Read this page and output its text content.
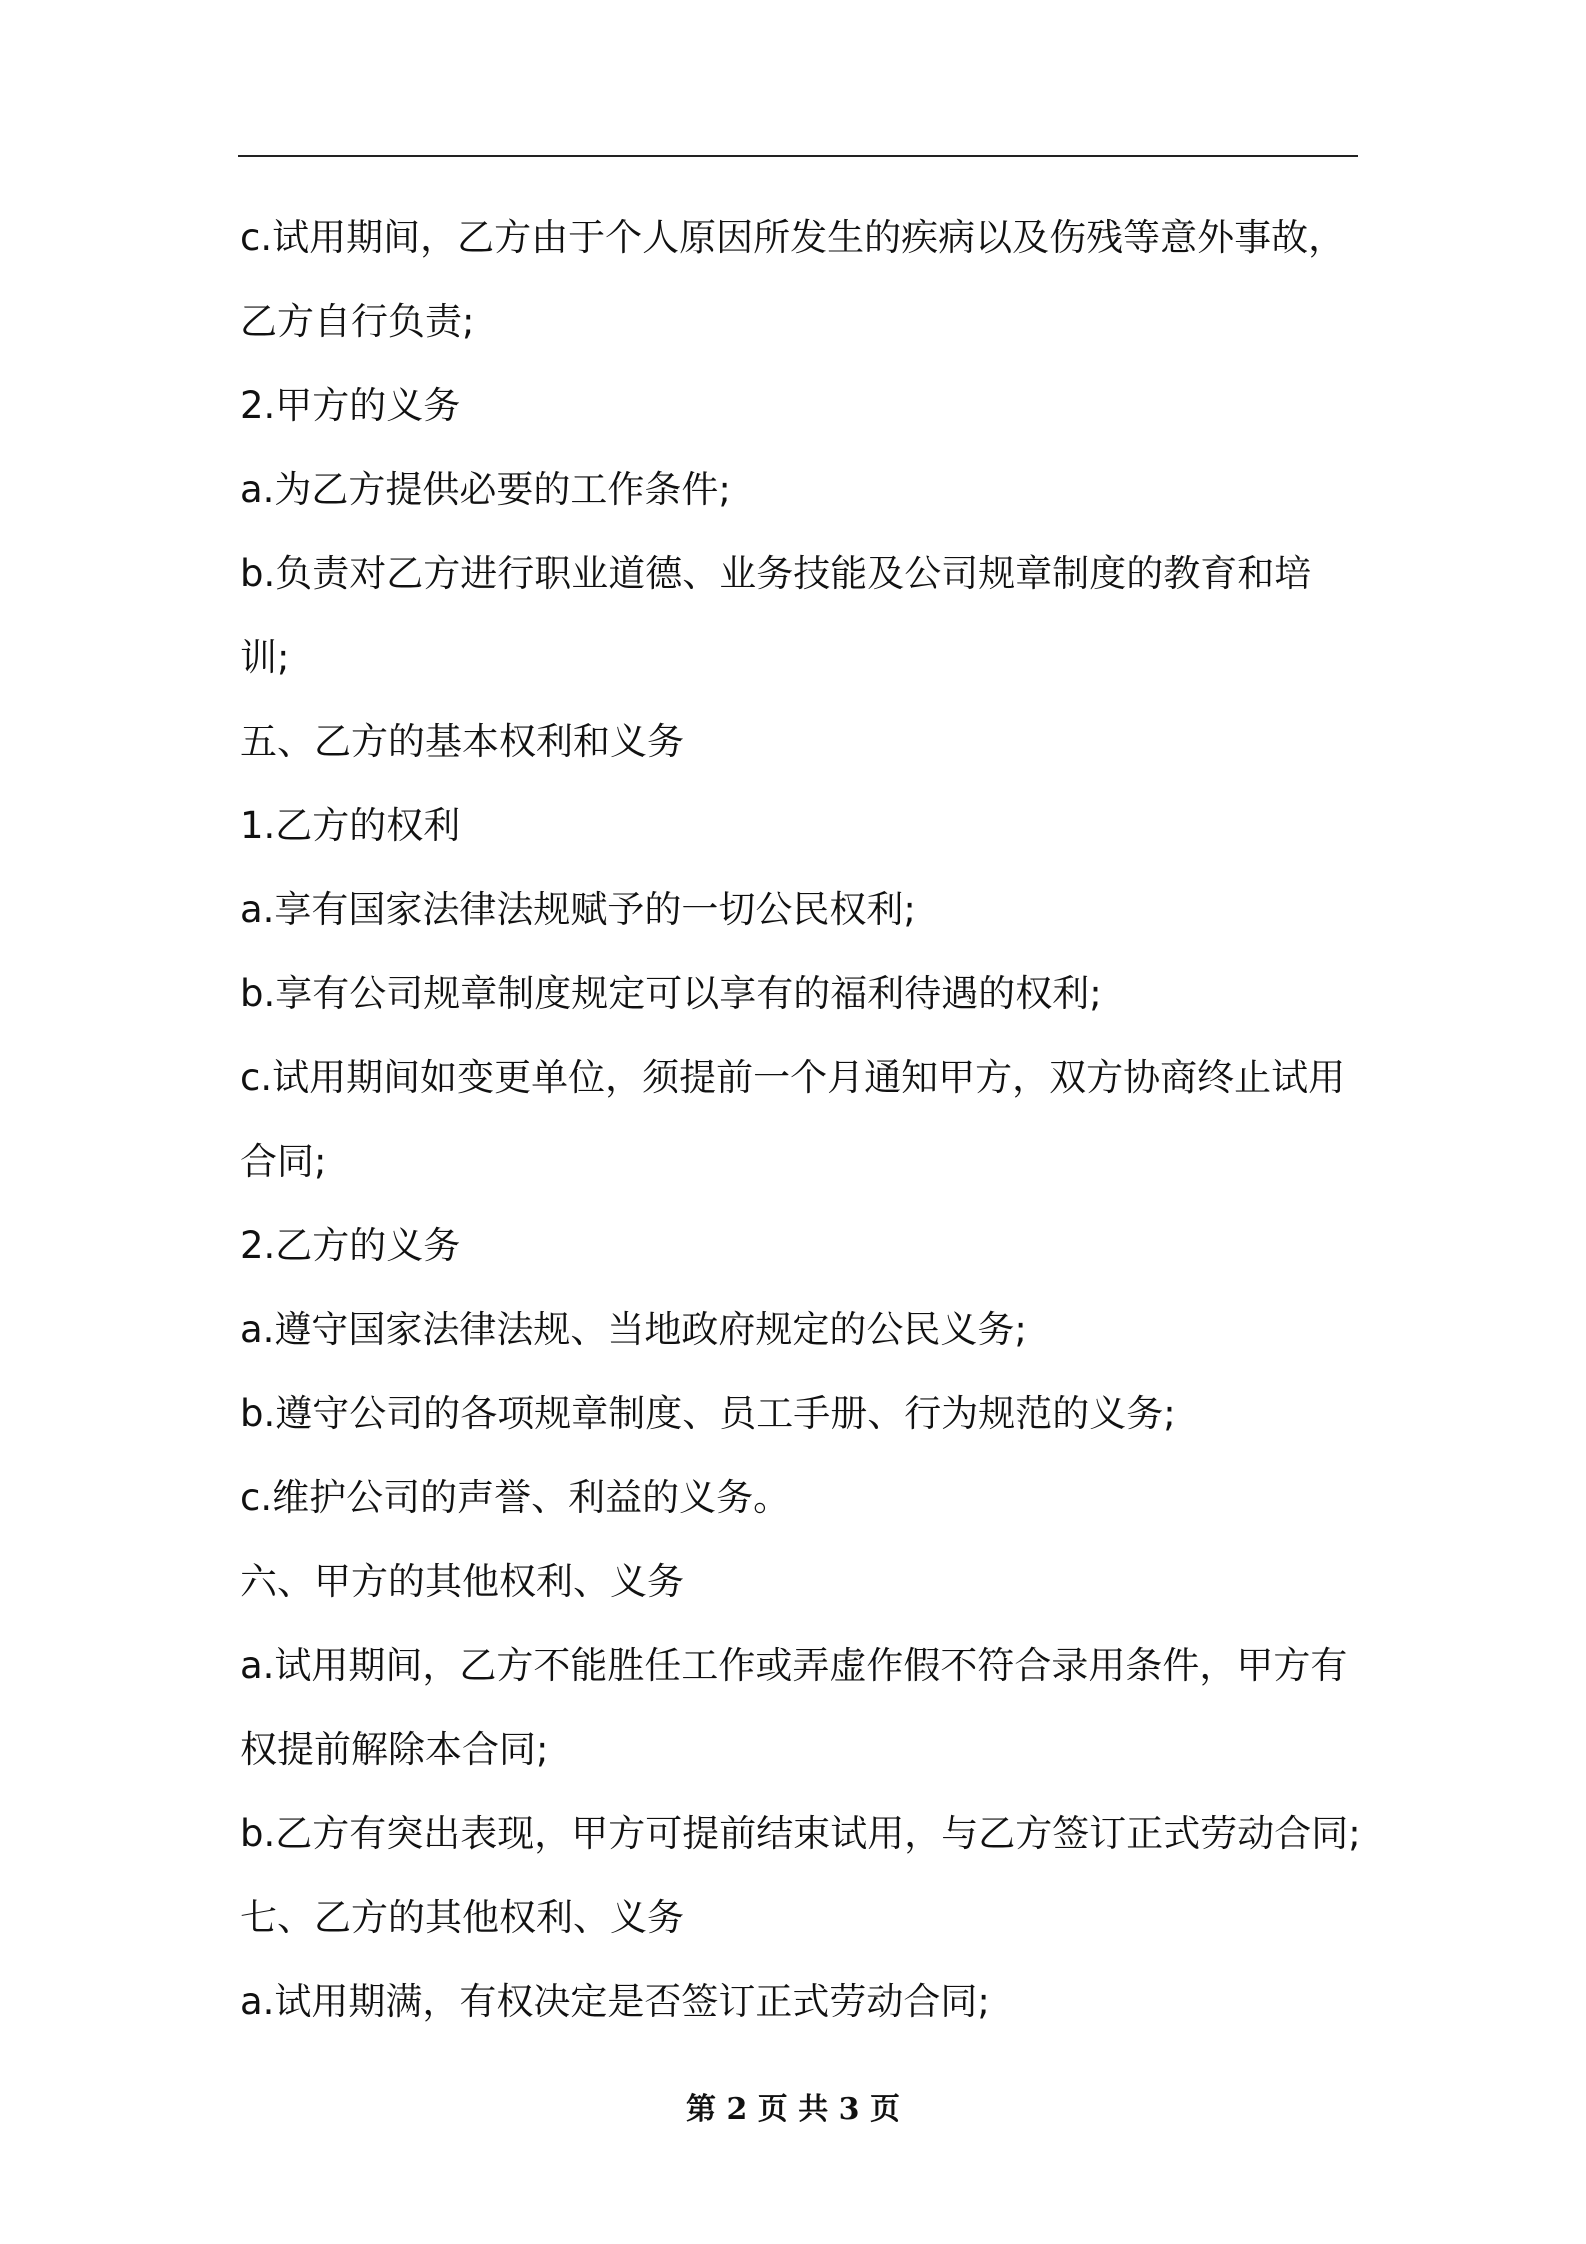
c.试用期间，乙方由于个人原因所发生的疾病以及伤残等意外事故，
乙方自行负责;
2.甲方的义务
a.为乙方提供必要的工作条件;
b.负责对乙方进行职业道德、业务技能及公司规章制度的教育和培
训;
五、乙方的基本权利和义务
1.乙方的权利
a.享有国家法律法规赋予的一切公民权利;
b.享有公司规章制度规定可以享有的福利待遇的权利;
c.试用期间如变更单位，须提前一个月通知甲方，双方协商终止试用
合同;
2.乙方的义务
a.遵守国家法律法规、当地政府规定的公民义务;
b.遵守公司的各项规章制度、员工手册、行为规范的义务;
c.维护公司的声誉、利益的义务。
六、甲方的其他权利、义务
a.试用期间，乙方不能胜任工作或弄虚作假不符合录用条件，甲方有
权提前解除本合同;
b.乙方有突出表现，甲方可提前结束试用，与乙方签订正式劳动合同;
七、乙方的其他权利、义务
a.试用期满，有权决定是否签订正式劳动合同;
第 2 页 共 3 页
